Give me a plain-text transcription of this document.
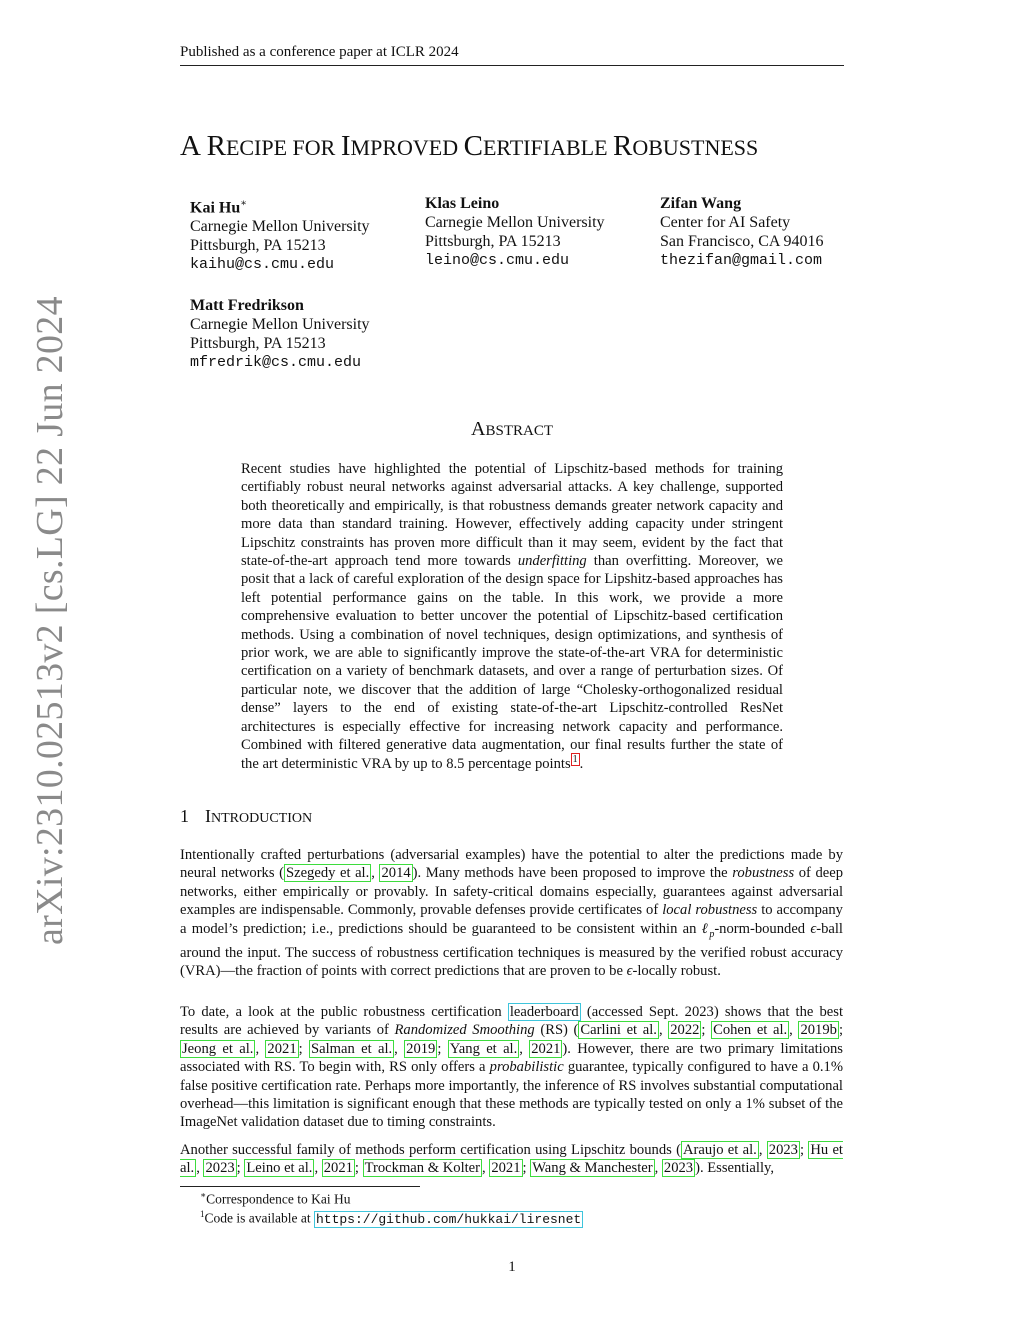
Published as a conference paper at ICLR 2024
arXiv:2310.02513v2 [cs.LG] 22 Jun 2024
A RECIPE FOR IMPROVED CERTIFIABLE ROBUSTNESS
Kai Hu∗
Carnegie Mellon University
Pittsburgh, PA 15213
kaihu@cs.cmu.edu
Klas Leino
Carnegie Mellon University
Pittsburgh, PA 15213
leino@cs.cmu.edu
Zifan Wang
Center for AI Safety
San Francisco, CA 94016
thezifan@gmail.com
Matt Fredrikson
Carnegie Mellon University
Pittsburgh, PA 15213
mfredrik@cs.cmu.edu
ABSTRACT
Recent studies have highlighted the potential of Lipschitz-based methods for training certifiably robust neural networks against adversarial attacks. A key challenge, supported both theoretically and empirically, is that robustness demands greater network capacity and more data than standard training. However, effectively adding capacity under stringent Lipschitz constraints has proven more difficult than it may seem, evident by the fact that state-of-the-art approach tend more towards underfitting than overfitting. Moreover, we posit that a lack of careful exploration of the design space for Lipshitz-based approaches has left potential performance gains on the table. In this work, we provide a more comprehensive evaluation to better uncover the potential of Lipschitz-based certification methods. Using a combination of novel techniques, design optimizations, and synthesis of prior work, we are able to significantly improve the state-of-the-art VRA for deterministic certification on a variety of benchmark datasets, and over a range of perturbation sizes. Of particular note, we discover that the addition of large “Cholesky-orthogonalized residual dense” layers to the end of existing state-of-the-art Lipschitz-controlled ResNet architectures is especially effective for increasing network capacity and performance. Combined with filtered generative data augmentation, our final results further the state of the art deterministic VRA by up to 8.5 percentage points $^1$ .
1 INTRODUCTION
Intentionally crafted perturbations (adversarial examples) have the potential to alter the predictions made by neural networks ( Szegedy et al. , 2014 ). Many methods have been proposed to improve the robustness of deep networks, either empirically or provably. In safety-critical domains especially, guarantees against adversarial examples are indispensable. Commonly, provable defenses provide certificates of local robustness to accompany a model’s prediction; i.e., predictions should be guaranteed to be consistent within an ℓ$_p$-norm-bounded ϵ-ball around the input. The success of robustness certification techniques is measured by the verified robust accuracy (VRA)—the fraction of points with correct predictions that are proven to be ϵ-locally robust.
To date, a look at the public robustness certification leaderboard (accessed Sept. 2023) shows that the best results are achieved by variants of Randomized Smoothing (RS) ( Carlini et al. , 2022 ; Cohen et al. , 2019b ; Jeong et al. , 2021 ; Salman et al. , 2019 ; Yang et al. , 2021 ). However, there are two primary limitations associated with RS. To begin with, RS only offers a probabilistic guarantee, typically configured to have a 0.1% false positive certification rate. Perhaps more importantly, the inference of RS involves substantial computational overhead—this limitation is significant enough that these methods are typically tested on only a 1% subset of the ImageNet validation dataset due to timing constraints.
Another successful family of methods perform certification using Lipschitz bounds ( Araujo et al. , 2023 ; Hu et al. , 2023 ; Leino et al. , 2021 ; Trockman & Kolter , 2021 ; Wang & Manchester , 2023 ). Essentially,
∗Correspondence to Kai Hu
$^1$Code is available at https://github.com/hukkai/liresnet
1
